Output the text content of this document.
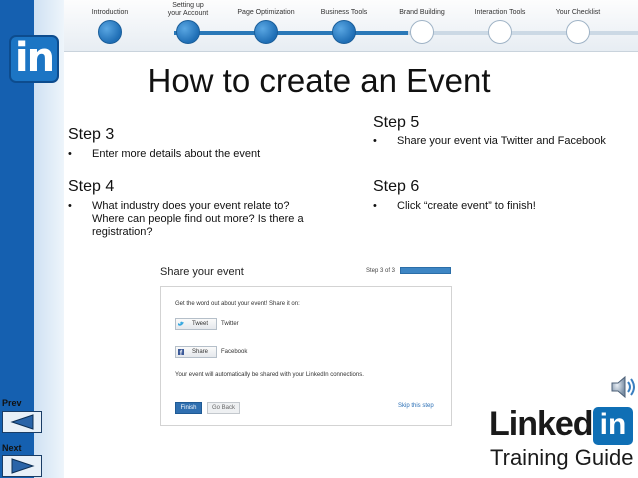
in
Introduction
Setting up
your Account	Page Optimization	Business Tools	Brand Building	Interaction Tools	Your Checklist
How to create an Event
Step 3
• Enter more details about the event
Step 4
• What industry does your event relate to?
Where can people find out more? Is there a
registration?
Step 5
• Share your event via Twitter and Facebook
Step 6
• Click “create event” to finish!
Share your event	Step 3 of 3
Get the word out about your event! Share it on:
Tweet	Twitter
Share	Facebook
Your event will automatically be shared with your LinkedIn connections.
Finish	Go Back	Skip this step
Prev
Next
Linked in
Training Guide
